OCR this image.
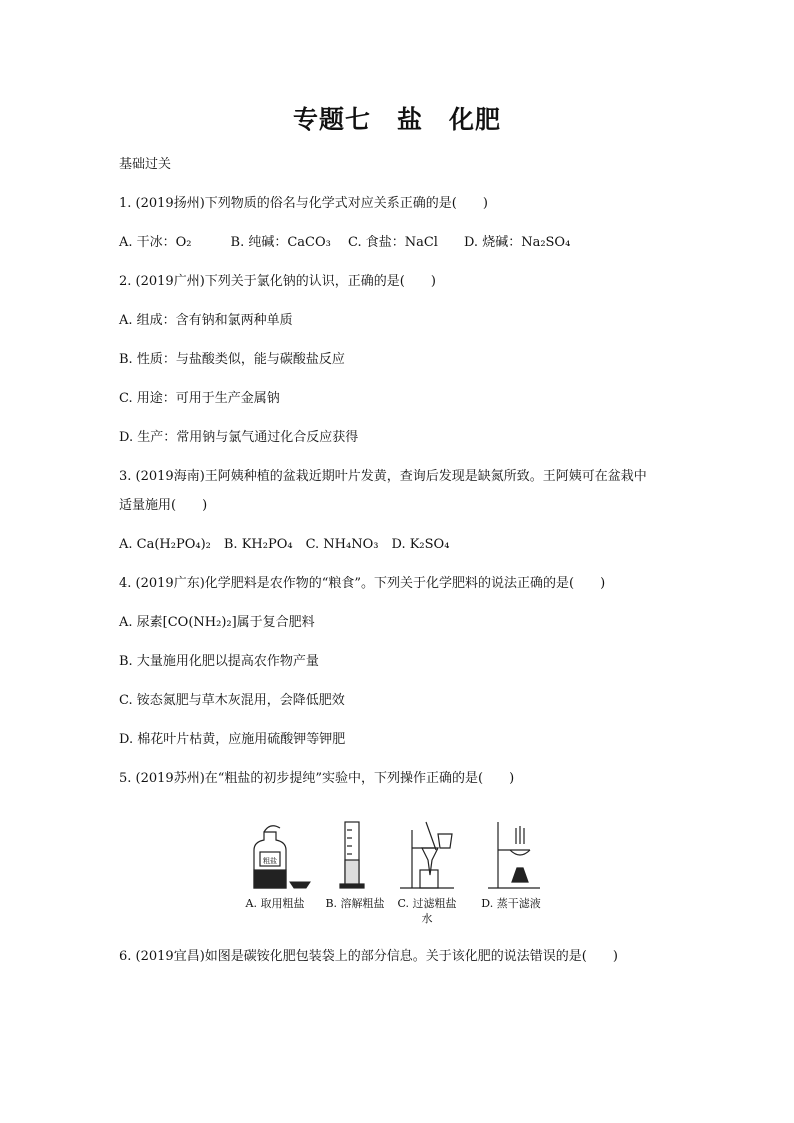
专题七　盐　化肥
基础过关
1. (2019扬州)下列物质的俗名与化学式对应关系正确的是(　　)
A. 干冰：O₂　　　B. 纯碱：CaCO₃　 C. 食盐：NaCl　　D. 烧碱：Na₂SO₄
2. (2019广州)下列关于氯化钠的认识，正确的是(　　)
A. 组成：含有钠和氯两种单质
B. 性质：与盐酸类似，能与碳酸盐反应
C. 用途：可用于生产金属钠
D. 生产：常用钠与氯气通过化合反应获得
3. (2019海南)王阿姨种植的盆栽近期叶片发黄，查询后发现是缺氮所致。王阿姨可在盆栽中
适量施用(　　)
A. Ca(H₂PO₄)₂　B. KH₂PO₄　C. NH₄NO₃　D. K₂SO₄
4. (2019广东)化学肥料是农作物的“粮食”。下列关于化学肥料的说法正确的是(　　)
A. 尿素[CO(NH₂)₂]属于复合肥料
B. 大量施用化肥以提高农作物产量
C. 铵态氮肥与草木灰混用，会降低肥效
D. 棉花叶片枯黄，应施用硫酸钾等钾肥
5. (2019苏州)在“粗盐的初步提纯”实验中，下列操作正确的是(　　)
粗盐
A. 取用粗盐	B. 溶解粗盐	C. 过滤粗盐水
D. 蒸干滤液
6. (2019宜昌)如图是碳铵化肥包装袋上的部分信息。关于该化肥的说法错误的是(　　)
